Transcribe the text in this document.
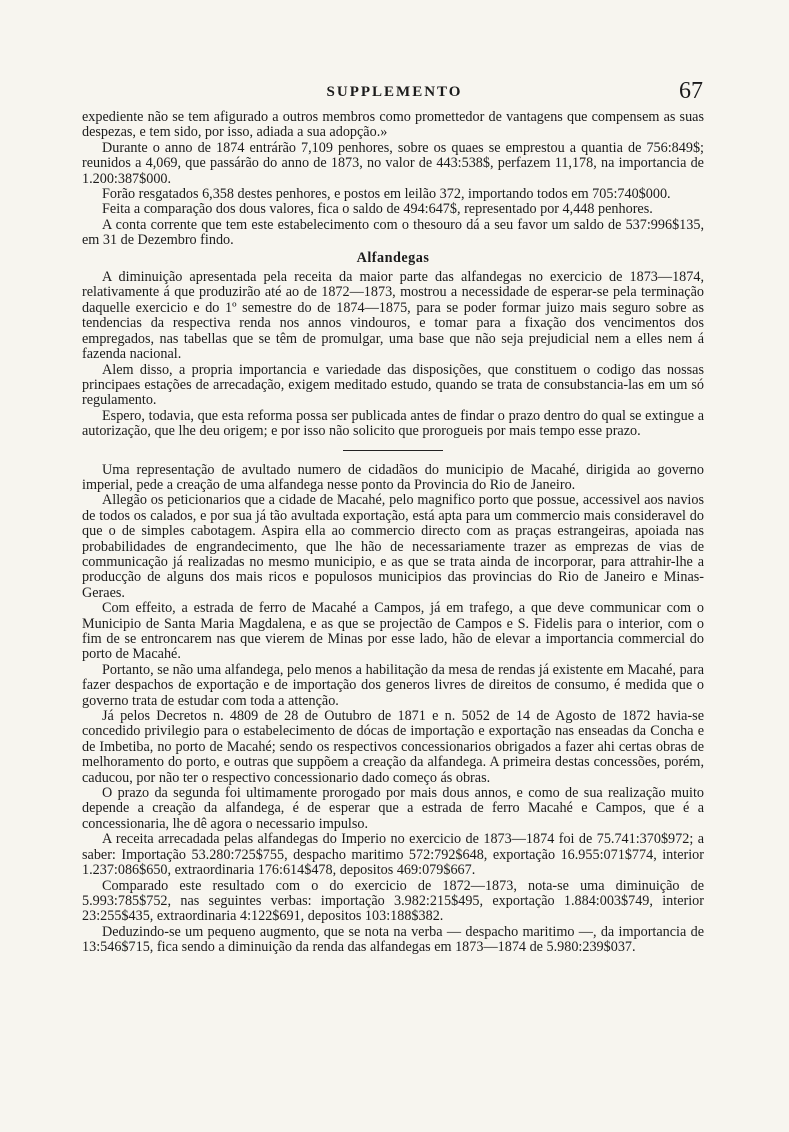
SUPPLEMENTO	67

expediente não se tem afigurado a outros membros como promettedor de vantagens que compensem as suas despezas, e tem sido, por isso, adiada a sua adopção.»

Durante o anno de 1874 entrárão 7,109 penhores, sobre os quaes se emprestou a quantia de 756:849$; reunidos a 4,069, que passárão do anno de 1873, no valor de 443:538$, perfazem 11,178, na importancia de 1.200:387$000.

Forão resgatados 6,358 destes penhores, e postos em leilão 372, importando todos em 705:740$000.

Feita a comparação dos dous valores, fica o saldo de 494:647$, representado por 4,448 penhores.

A conta corrente que tem este estabelecimento com o thesouro dá a seu favor um saldo de 537:996$135, em 31 de Dezembro findo.

Alfandegas

A diminuição apresentada pela receita da maior parte das alfandegas no exercicio de 1873—1874, relativamente á que produzirão até ao de 1872—1873, mostrou a necessidade de esperar-se pela terminação daquelle exercicio e do 1º semestre do de 1874—1875, para se poder formar juizo mais seguro sobre as tendencias da respectiva renda nos annos vindouros, e tomar para a fixação dos vencimentos dos empregados, nas tabellas que se têm de promulgar, uma base que não seja prejudicial nem a elles nem á fazenda nacional.

Alem disso, a propria importancia e variedade das disposições, que constituem o codigo das nossas principaes estações de arrecadação, exigem meditado estudo, quando se trata de consubstancia-las em um só regulamento.

Espero, todavia, que esta reforma possa ser publicada antes de findar o prazo dentro do qual se extingue a autorização, que lhe deu origem; e por isso não solicito que prorogueis por mais tempo esse prazo.

Uma representação de avultado numero de cidadãos do municipio de Macahé, dirigida ao governo imperial, pede a creação de uma alfandega nesse ponto da Provincia do Rio de Janeiro.

Allegão os peticionarios que a cidade de Macahé, pelo magnifico porto que possue, accessivel aos navios de todos os calados, e por sua já tão avultada exportação, está apta para um commercio mais consideravel do que o de simples cabotagem. Aspira ella ao commercio directo com as praças estrangeiras, apoiada nas probabilidades de engrandecimento, que lhe hão de necessariamente trazer as emprezas de vias de communicação já realizadas no mesmo municipio, e as que se trata ainda de incorporar, para attrahir-lhe a producção de alguns dos mais ricos e populosos municipios das provincias do Rio de Janeiro e Minas-Geraes.

Com effeito, a estrada de ferro de Macahé a Campos, já em trafego, a que deve communicar com o Municipio de Santa Maria Magdalena, e as que se projectão de Campos e S. Fidelis para o interior, com o fim de se entroncarem nas que vierem de Minas por esse lado, hão de elevar a importancia commercial do porto de Macahé.

Portanto, se não uma alfandega, pelo menos a habilitação da mesa de rendas já existente em Macahé, para fazer despachos de exportação e de importação dos generos livres de direitos de consumo, é medida que o governo trata de estudar com toda a attenção.

Já pelos Decretos n. 4809 de 28 de Outubro de 1871 e n. 5052 de 14 de Agosto de 1872 havia-se concedido privilegio para o estabelecimento de dócas de importação e exportação nas enseadas da Concha e de Imbetiba, no porto de Macahé; sendo os respectivos concessionarios obrigados a fazer ahi certas obras de melhoramento do porto, e outras que suppõem a creação da alfandega. A primeira destas concessões, porém, caducou, por não ter o respectivo concessionario dado começo ás obras.

O prazo da segunda foi ultimamente prorogado por mais dous annos, e como de sua realização muito depende a creação da alfandega, é de esperar que a estrada de ferro Macahé e Campos, que é a concessionaria, lhe dê agora o necessario impulso.

A receita arrecadada pelas alfandegas do Imperio no exercicio de 1873—1874 foi de 75.741:370$972; a saber: Importação 53.280:725$755, despacho maritimo 572:792$648, exportação 16.955:071$774, interior 1.237:086$650, extraordinaria 176:614$478, depositos 469:079$667.

Comparado este resultado com o do exercicio de 1872—1873, nota-se uma diminuição de 5.993:785$752, nas seguintes verbas: importação 3.982:215$495, exportação 1.884:003$749, interior 23:255$435, extraordinaria 4:122$691, depositos 103:188$382.

Deduzindo-se um pequeno augmento, que se nota na verba — despacho maritimo —, da importancia de 13:546$715, fica sendo a diminuição da renda das alfandegas em 1873—1874 de 5.980:239$037.
